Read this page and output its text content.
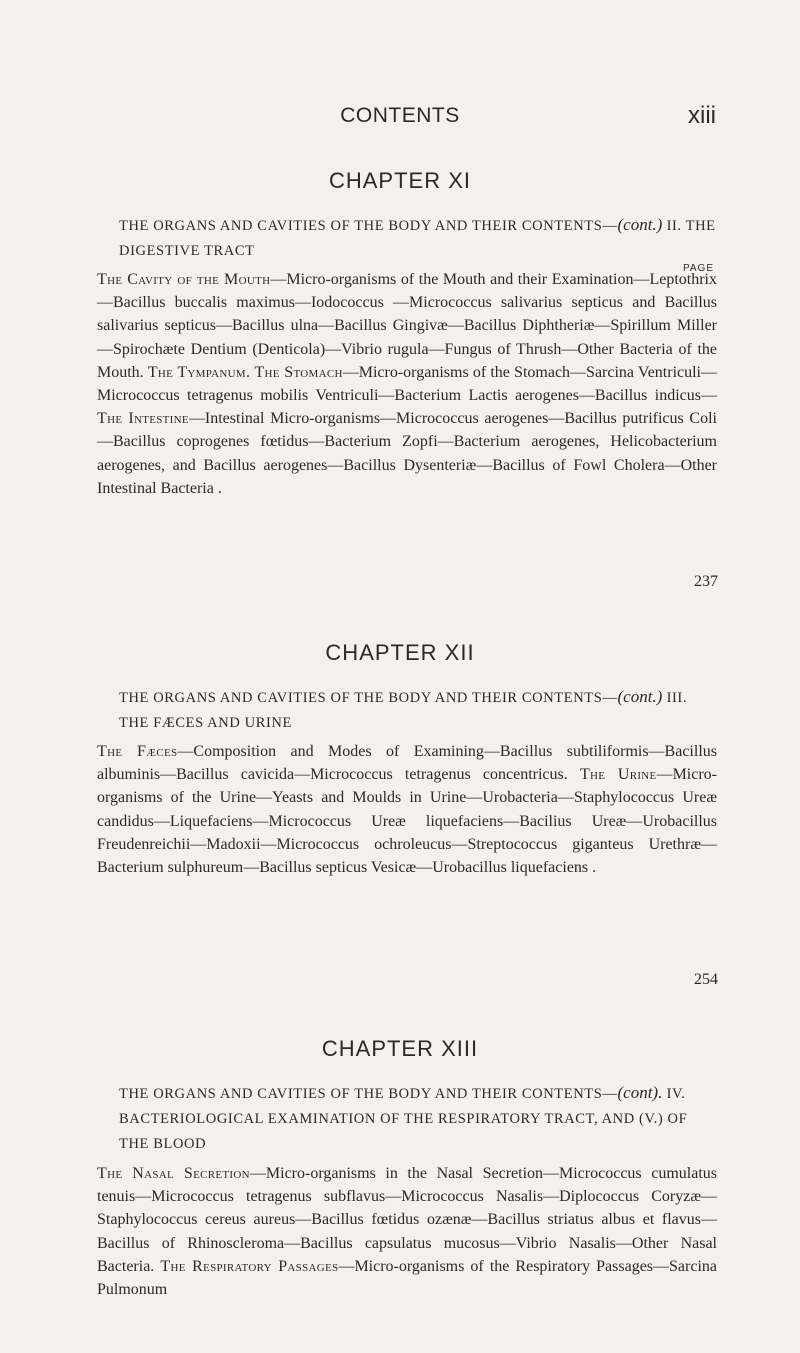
CONTENTS	xiii
CHAPTER XI
THE ORGANS AND CAVITIES OF THE BODY AND THEIR CONTENTS—(cont.) II. THE DIGESTIVE TRACT
PAGE
The Cavity of the Mouth—Micro-organisms of the Mouth and their Examination—Leptothrix—Bacillus buccalis maximus—Iodococcus —Micrococcus salivarius septicus and Bacillus salivarius septicus—Bacillus ulna—Bacillus Gingivæ—Bacillus Diphtheriæ—Spirillum Miller—Spirochæte Dentium (Denticola)—Vibrio rugula—Fungus of Thrush—Other Bacteria of the Mouth. The Tympanum. The Stomach—Micro-organisms of the Stomach—Sarcina Ventriculi—Micrococcus tetragenus mobilis Ventriculi—Bacterium Lactis aerogenes—Bacillus indicus—The Intestine—Intestinal Micro-organisms—Micrococcus aerogenes—Bacillus putrificus Coli—Bacillus coprogenes fœtidus—Bacterium Zopfi—Bacterium aerogenes, Helicobacterium aerogenes, and Bacillus aerogenes—Bacillus Dysenteriæ—Bacillus of Fowl Cholera—Other Intestinal Bacteria .
237
CHAPTER XII
THE ORGANS AND CAVITIES OF THE BODY AND THEIR CONTENTS—(cont.) III. THE FÆCES AND URINE
The Fæces—Composition and Modes of Examining—Bacillus subtiliformis—Bacillus albuminis—Bacillus cavicida—Micrococcus tetragenus concentricus. The Urine—Micro-organisms of the Urine—Yeasts and Moulds in Urine—Urobacteria—Staphylococcus Ureæ candidus—Liquefaciens—Micrococcus Ureæ liquefaciens—Bacilius Ureæ—Urobacillus Freudenreichii—Madoxii—Micrococcus ochroleucus—Streptococcus giganteus Urethræ—Bacterium sulphureum—Bacillus septicus Vesicæ—Urobacillus liquefaciens .
254
CHAPTER XIII
THE ORGANS AND CAVITIES OF THE BODY AND THEIR CONTENTS—(cont). IV. BACTERIOLOGICAL EXAMINATION OF THE RESPIRATORY TRACT, AND (V.) OF THE BLOOD
The Nasal Secretion—Micro-organisms in the Nasal Secretion—Micrococcus cumulatus tenuis—Micrococcus tetragenus subflavus—Micrococcus Nasalis—Diplococcus Coryzæ—Staphylococcus cereus aureus—Bacillus fœtidus ozænæ—Bacillus striatus albus et flavus—Bacillus of Rhinoscleroma—Bacillus capsulatus mucosus—Vibrio Nasalis—Other Nasal Bacteria. The Respiratory Passages—Micro-organisms of the Respiratory Passages—Sarcina Pulmonum
